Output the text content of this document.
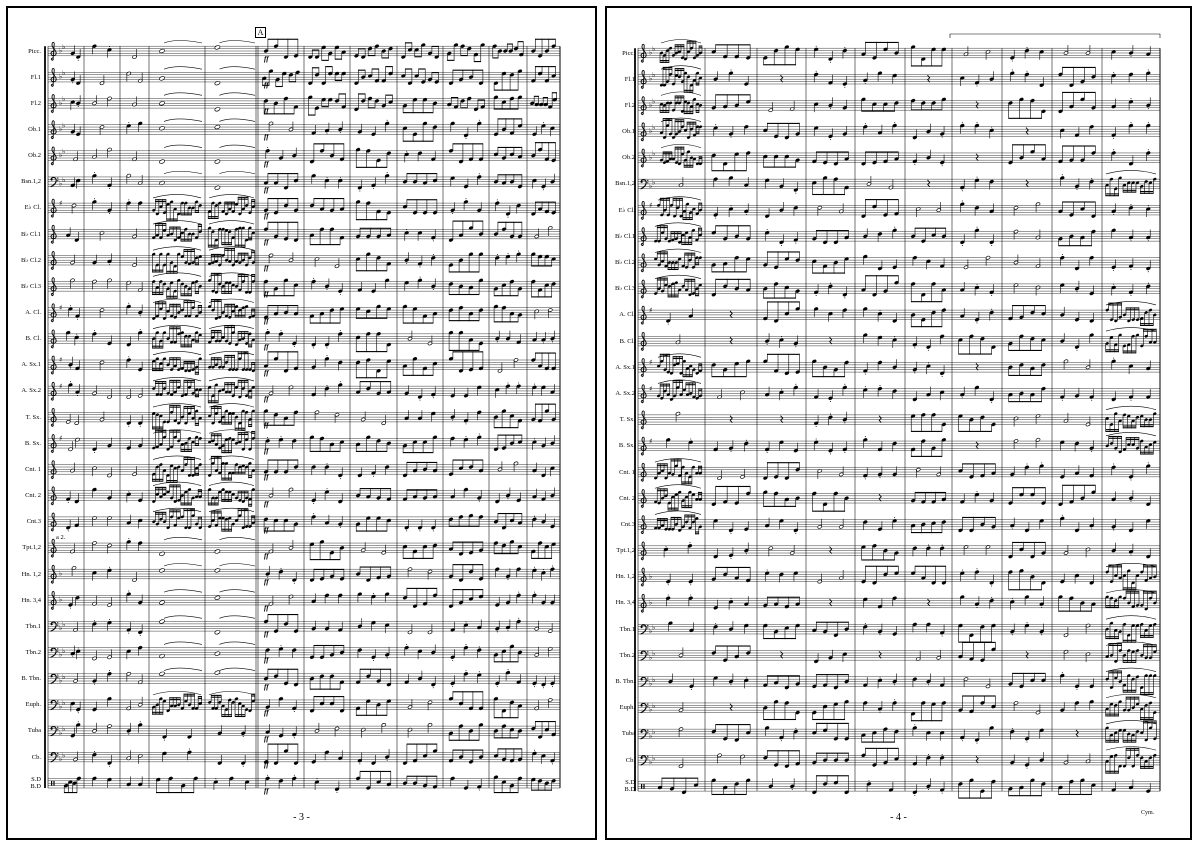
♭ ♭
♭ ♭
♭ ♭
♭ ♭
♭ ♭
♭ ♭
♯
♯
♯
♯
♯
♭
♭
♭ ♭
♭ ♭
♭ ♭
♭ ♭
♭ ♭
♭ ♭
Picc.
ff
Fl.1
ff
Fl.2
ff
Ob.1
ff
Ob.2
ff
Bsn.1,2
ff
E♭ Cl.
ff
B♭ Cl.1
ff
B♭ Cl.2
ff
B♭ Cl.3
ff
A. Cl.
ff
B. Cl.
ff
A. Sx.1
ff
A. Sx.2
ff
T. Sx.
ff
B. Sx.
ff
Cnt. 1
ff
Cnt. 2
ff
Cnt.3
ff
Tpt.1,2
ff
Hn. 1,2
ff
Hn. 3,4
ff
Tbn.1
ff
Tbn.2
ff
B. Tbn.
ff
Euph.
ff
Tuba
ff
Cb.
ff
S.D
B.D
ff
A
a 2.
- 3 -
♭ ♭
♭ ♭
♭ ♭
♭ ♭
♭ ♭
♭ ♭
♯
♯
♯
♯
♯
♭
♭
♭ ♭
♭ ♭
♭ ♭
♭ ♭
♭ ♭
♭ ♭
Picc.
Fl.1
Fl.2
Ob.1
Ob.2
Bsn.1,2
E♭ Cl.
B♭ Cl.1
B♭ Cl.2
B♭ Cl.3
A. Cl.
B. Cl.
A. Sx.1
A. Sx.2
T. Sx.
B. Sx.
Cnt. 1
Cnt. 2
Cnt.3
Tpt.1,2
Hn. 1,2
Hn. 3,4
Tbn.1
Tbn.2
B. Tbn.
Euph.
Tuba
Cb.
S.D
B.D
Cym.
- 4 -
